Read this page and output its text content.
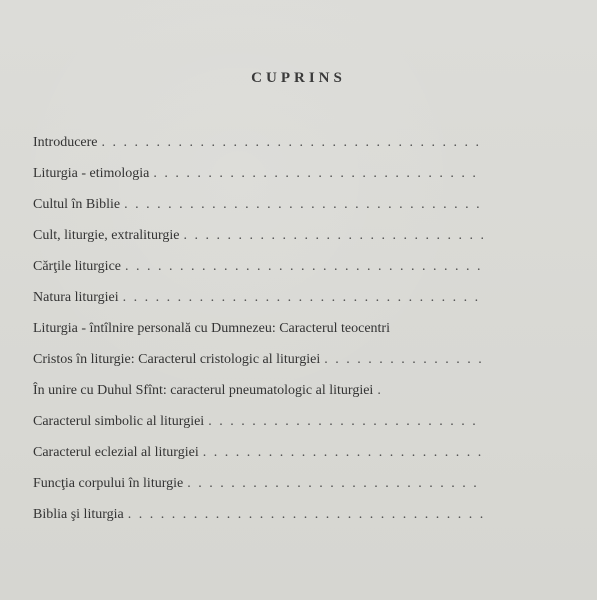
CUPRINS
Introducere
. . .
Liturgia - etimologia
. . .
Cultul în Biblie
. . .
Cult, liturgie, extraliturgie
. . .
Cărţile liturgice
. . .
Natura liturgiei
. . .
Liturgia - întîlnire personală cu Dumnezeu: Caracterul teocentri
Cristos în liturgie: Caracterul cristologic al liturgiei
. . .
În unire cu Duhul Sfînt: caracterul pneumatologic al liturgiei
.
Caracterul simbolic al liturgiei
. . .
Caracterul eclezial al liturgiei
. . .
Funcţia corpului în liturgie
. . .
Biblia şi liturgia
. . .
